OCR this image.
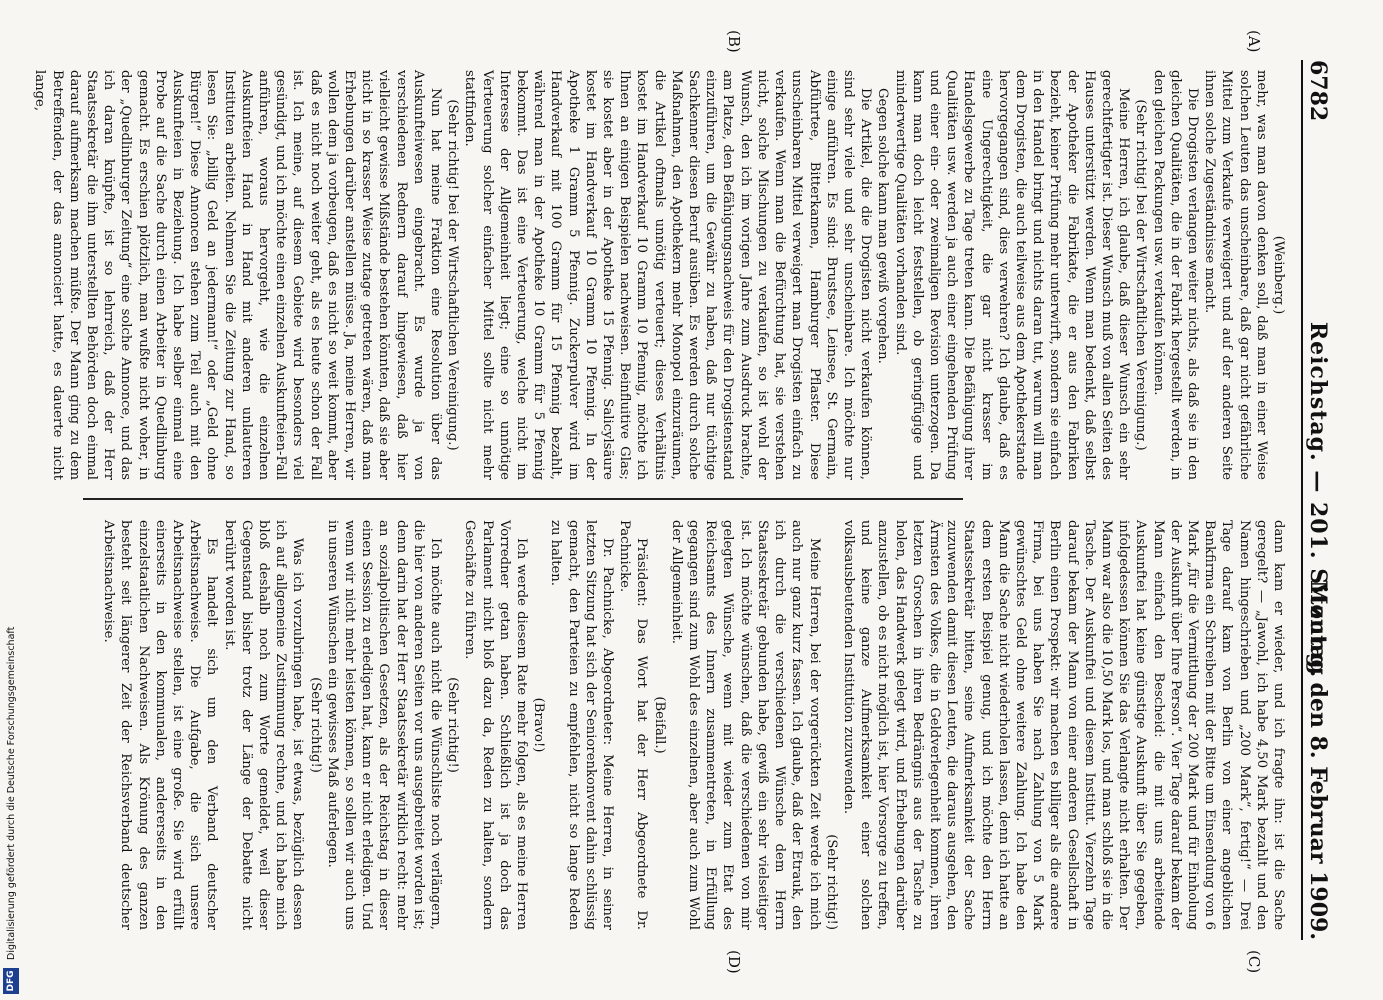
6782
Reichstag. — 201. Sitzung.
Montag den 8. Februar 1909.
(A)
(B)
(C)
(D)

(Weinberg.)

mehr, was man davon denken soll, daß man in einer Weise solchen Leuten das unscheinbare, daß gar nicht gefährliche Mittel zum Verkaufe verweigert und auf der anderen Seite ihnen solche Zugeständnisse macht.

Die Drogisten verlangen weiter nichts, als daß sie in den gleichen Qualitäten, die in der Fabrik hergestellt werden, in den gleichen Packungen usw. verkaufen können.

(Sehr richtig! bei der Wirtschaftlichen Vereinigung.)

Meine Herren, ich glaube, daß dieser Wunsch ein sehr gerechtfertigter ist. Dieser Wunsch muß von allen Seiten des Hauses unterstützt werden. Wenn man bedenkt, daß selbst der Apotheker die Fabrikate, die er aus den Fabriken bezieht, keiner Prüfung mehr unterwirft, sondern sie einfach in den Handel bringt und nichts daran tut, warum will man dem Drogisten, die auch teilweise aus dem Apothekerstande hervorgegangen sind, dies verwehren? Ich glaube, daß es eine Ungerechtigkeit, die gar nicht krasser im Handelsgewerbe zu Tage treten kann. Die Befähigung ihrer Qualitäten usw. werden ja auch einer eingehenden Prüfung und einer ein- oder zweimaligen Revision unterzogen. Da kann man doch leicht feststellen, ob geringfügige und minderwertige Qualitäten vorhanden sind.

Gegen solche kann man gewiß vorgehen.

Die Artikel, die die Drogisten nicht verkaufen können, sind sehr viele und sehr unscheinbare. Ich möchte nur einige anführen. Es sind: Brustsee, Leinsee, St. Germain, Abführtee, Bitterkamen, Hamburger Pflaster. Diese unscheinbaren Mittel verweigert man Drogisten einfach zu verkaufen. Wenn man die Befürchtung hat, sie verstehen nicht, solche Mischungen zu verkaufen, so ist wohl der Wunsch, den ich im vorigen Jahre zum Ausdruck brachte, am Platze, den Befähigungsnachweis für den Drogistenstand einzuführen, um die Gewähr zu haben, daß nur tüchtige Sachkenner diesen Beruf ausüben. Es werden durch solche Maßnahmen, den Apothekern mehr Monopol einzuräumen, die Artikel oftmals unnötig verteuert; dieses Verhältnis kostet im Handverkauf 10 Gramm 10 Pfennig, möchte ich Ihnen an einigen Beispielen nachweisen. Beinfluitive Glas; sie kostet aber in der Apotheke 15 Pfennig. Salicylsäure kostet im Handverkauf 10 Gramm 10 Pfennig. In der Apotheke 1 Gramm 5 Pfennig. Zuckerpulver wird im Handverkauf mit 100 Gramm für 15 Pfennig bezahlt, während man in der Apotheke 10 Gramm für 5 Pfennig bekommt. Das ist eine Verteuerung, welche nicht im Interesse der Allgemeinheit liegt; eine so unnötige Verteuerung solcher einfacher Mittel sollte nicht mehr stattfinden.

(Sehr richtig! bei der Wirtschaftlichen Vereinigung.)

Nun hat meine Fraktion eine Resolution über das Auskunfteiwesen eingebracht. Es wurde ja von verschiedenen Rednern darauf hingewiesen, daß hier vielleicht gewisse Mißstände bestehen könnten, daß sie aber nicht in so krasser Weise zutage getreten wären, daß man Erhebungen darüber anstellen müsse. Ja, meine Herren, wir wollen dem ja vorbeugen, daß es nicht so weit kommt, aber daß es nicht noch weiter geht, als es heute schon der Fall ist. Ich meine, auf diesem Gebiete wird besonders viel gesündigt, und ich möchte einen einzelnen Auskunfteien-Fall anführen, woraus hervorgeht, wie die einzelnen Auskunfteien Hand in Hand mit anderen unlauteren Instituten arbeiten. Nehmen Sie die Zeitung zur Hand, so lesen Sie: „billig Geld an jedermann!“ oder „Geld ohne Bürgen!“ Diese Annoncen stehen zum Teil auch mit den Auskunfteien in Beziehung. Ich habe selber einmal eine Probe auf die Sache durch einen Arbeiter in Quedlinburg gemacht. Es erschien plötzlich, man wußte nicht woher, in der „Quedlinburger Zeitung“ eine solche Annonce, und das ich daran knüpfte, ist so lehrreich, daß der Herr Staatssekretär die ihm unterstellten Behörden doch einmal darauf aufmerksam machen müßte. Der Mann ging zu dem Betreffenden, der das annonciert hatte, es dauerte nicht lange,

dann kam er wieder, und ich fragte ihn: ist die Sache geregelt? — „Jawohl, ich habe 4,50 Mark bezahlt und den Namen hingeschrieben und „200 Mark“, fertig!“ — Drei Tage darauf kam von Berlin von einer angeblichen Bankfirma ein Schreiben mit der Bitte um Einsendung von 6 Mark „für die Vermittlung der 200 Mark und für Einholung der Auskunft über Ihre Person“. Vier Tage darauf bekam der Mann einfach den Bescheid: die mit uns arbeitende Auskunftei hat keine günstige Auskunft über Sie gegeben, infolgedessen können Sie das Verlangte nicht erhalten. Der Mann war also die 10,50 Mark los, und man schloß sie in die Tasche. Der Auskunftei und diesem Institut. Vierzehn Tage darauf bekam der Mann von einer anderen Gesellschaft in Berlin einen Prospekt: wir machen es billiger als die andere Firma, bei uns haben Sie nach Zahlung von 5 Mark gewünschtes Geld ohne weitere Zahlung. Ich habe den Mann die Sache nicht wiederholen lassen, denn ich hatte an dem ersten Beispiel genug, und ich möchte den Herrn Staatssekretär bitten, seine Aufmerksamkeit der Sache zuzuwenden damit diesen Leuten, die daraus ausgehen, den Ärmsten des Volkes, die in Geldverlegenheit kommen, ihren letzten Groschen in ihren Bedrängnis aus der Tasche zu holen, das Handwerk gelegt wird, und Erhebungen darüber anzustellen, ob es nicht möglich ist, hier Vorsorge zu treffen, und keine ganze Aufmerksamkeit einer solchen volksausbeutenden Institution zuzuwenden.

(Sehr richtig!)

Meine Herren, bei der vorgerückten Zeit werde ich mich auch nur ganz kurz fassen. Ich glaube, daß der Etrauk, den ich durch die verschiedenen Wünsche dem Herrn Staatssekretär gebunden habe, gewiß ein sehr vielseitiger ist. Ich möchte wünschen, daß die verschiedenen von mir gelegten Wünsche, wenn mit wieder zum Etat des Reichsamts des Innern zusammentreten, in Erfüllung gegangen sind zum Wohl des einzelnen, aber auch zum Wohl der Allgemeinheit.

(Beifall.)

Präsident: Das Wort hat der Herr Abgeordnete Dr. Pachnicke.

Dr. Pachnicke, Abgeordneter: Meine Herren, in seiner letzten Sitzung hat sich der Seniorenkonvent dahin schlüssig gemacht, den Parteien zu empfehlen, nicht so lange Reden zu halten.

(Bravo!)

Ich werde diesem Rate mehr folgen, als es meine Herren Vorredner getan haben. Schließlich ist ja doch das Parlament nicht bloß dazu da, Reden zu halten, sondern Geschäfte zu führen.

(Sehr richtig!)

Ich möchte auch nicht die Wünschliste noch verlängern, die hier von anderen Seiten vor uns ausgebreitet worden ist; denn darin hat der Herr Staatssekretär wirklich recht: mehr an sozialpolitischen Gesetzen, als der Reichstag in dieser einen Session zu erledigen hat, kann er nicht erledigen. Und wenn wir nicht mehr leisten können, so sollen wir auch uns in unseren Wünschen ein gewisses Maß auferlegen.

(Sehr richtig!)

Was ich vorzubringen habe, ist etwas, bezüglich dessen ich auf allgemeine Zustimmung rechne, und ich habe mich bloß deshalb noch zum Worte gemeldet, weil dieser Gegenstand bisher trotz der Länge der Debatte nicht berührt worden ist.

Es handelt sich um den Verband deutscher Arbeitsnachweise. Die Aufgabe, die sich unsere Arbeitsnachweise stellen, ist eine große. Sie wird erfüllt einerseits in den kommunalen, andererseits in den einzelstaatlichen Nachweisen. Als Krönung des ganzen besteht seit längerer Zeit der Reichsverband deutscher Arbeitsnachweise.

DFG
Digitalisierung gefördert durch die Deutsche Forschungsgemeinschaft
